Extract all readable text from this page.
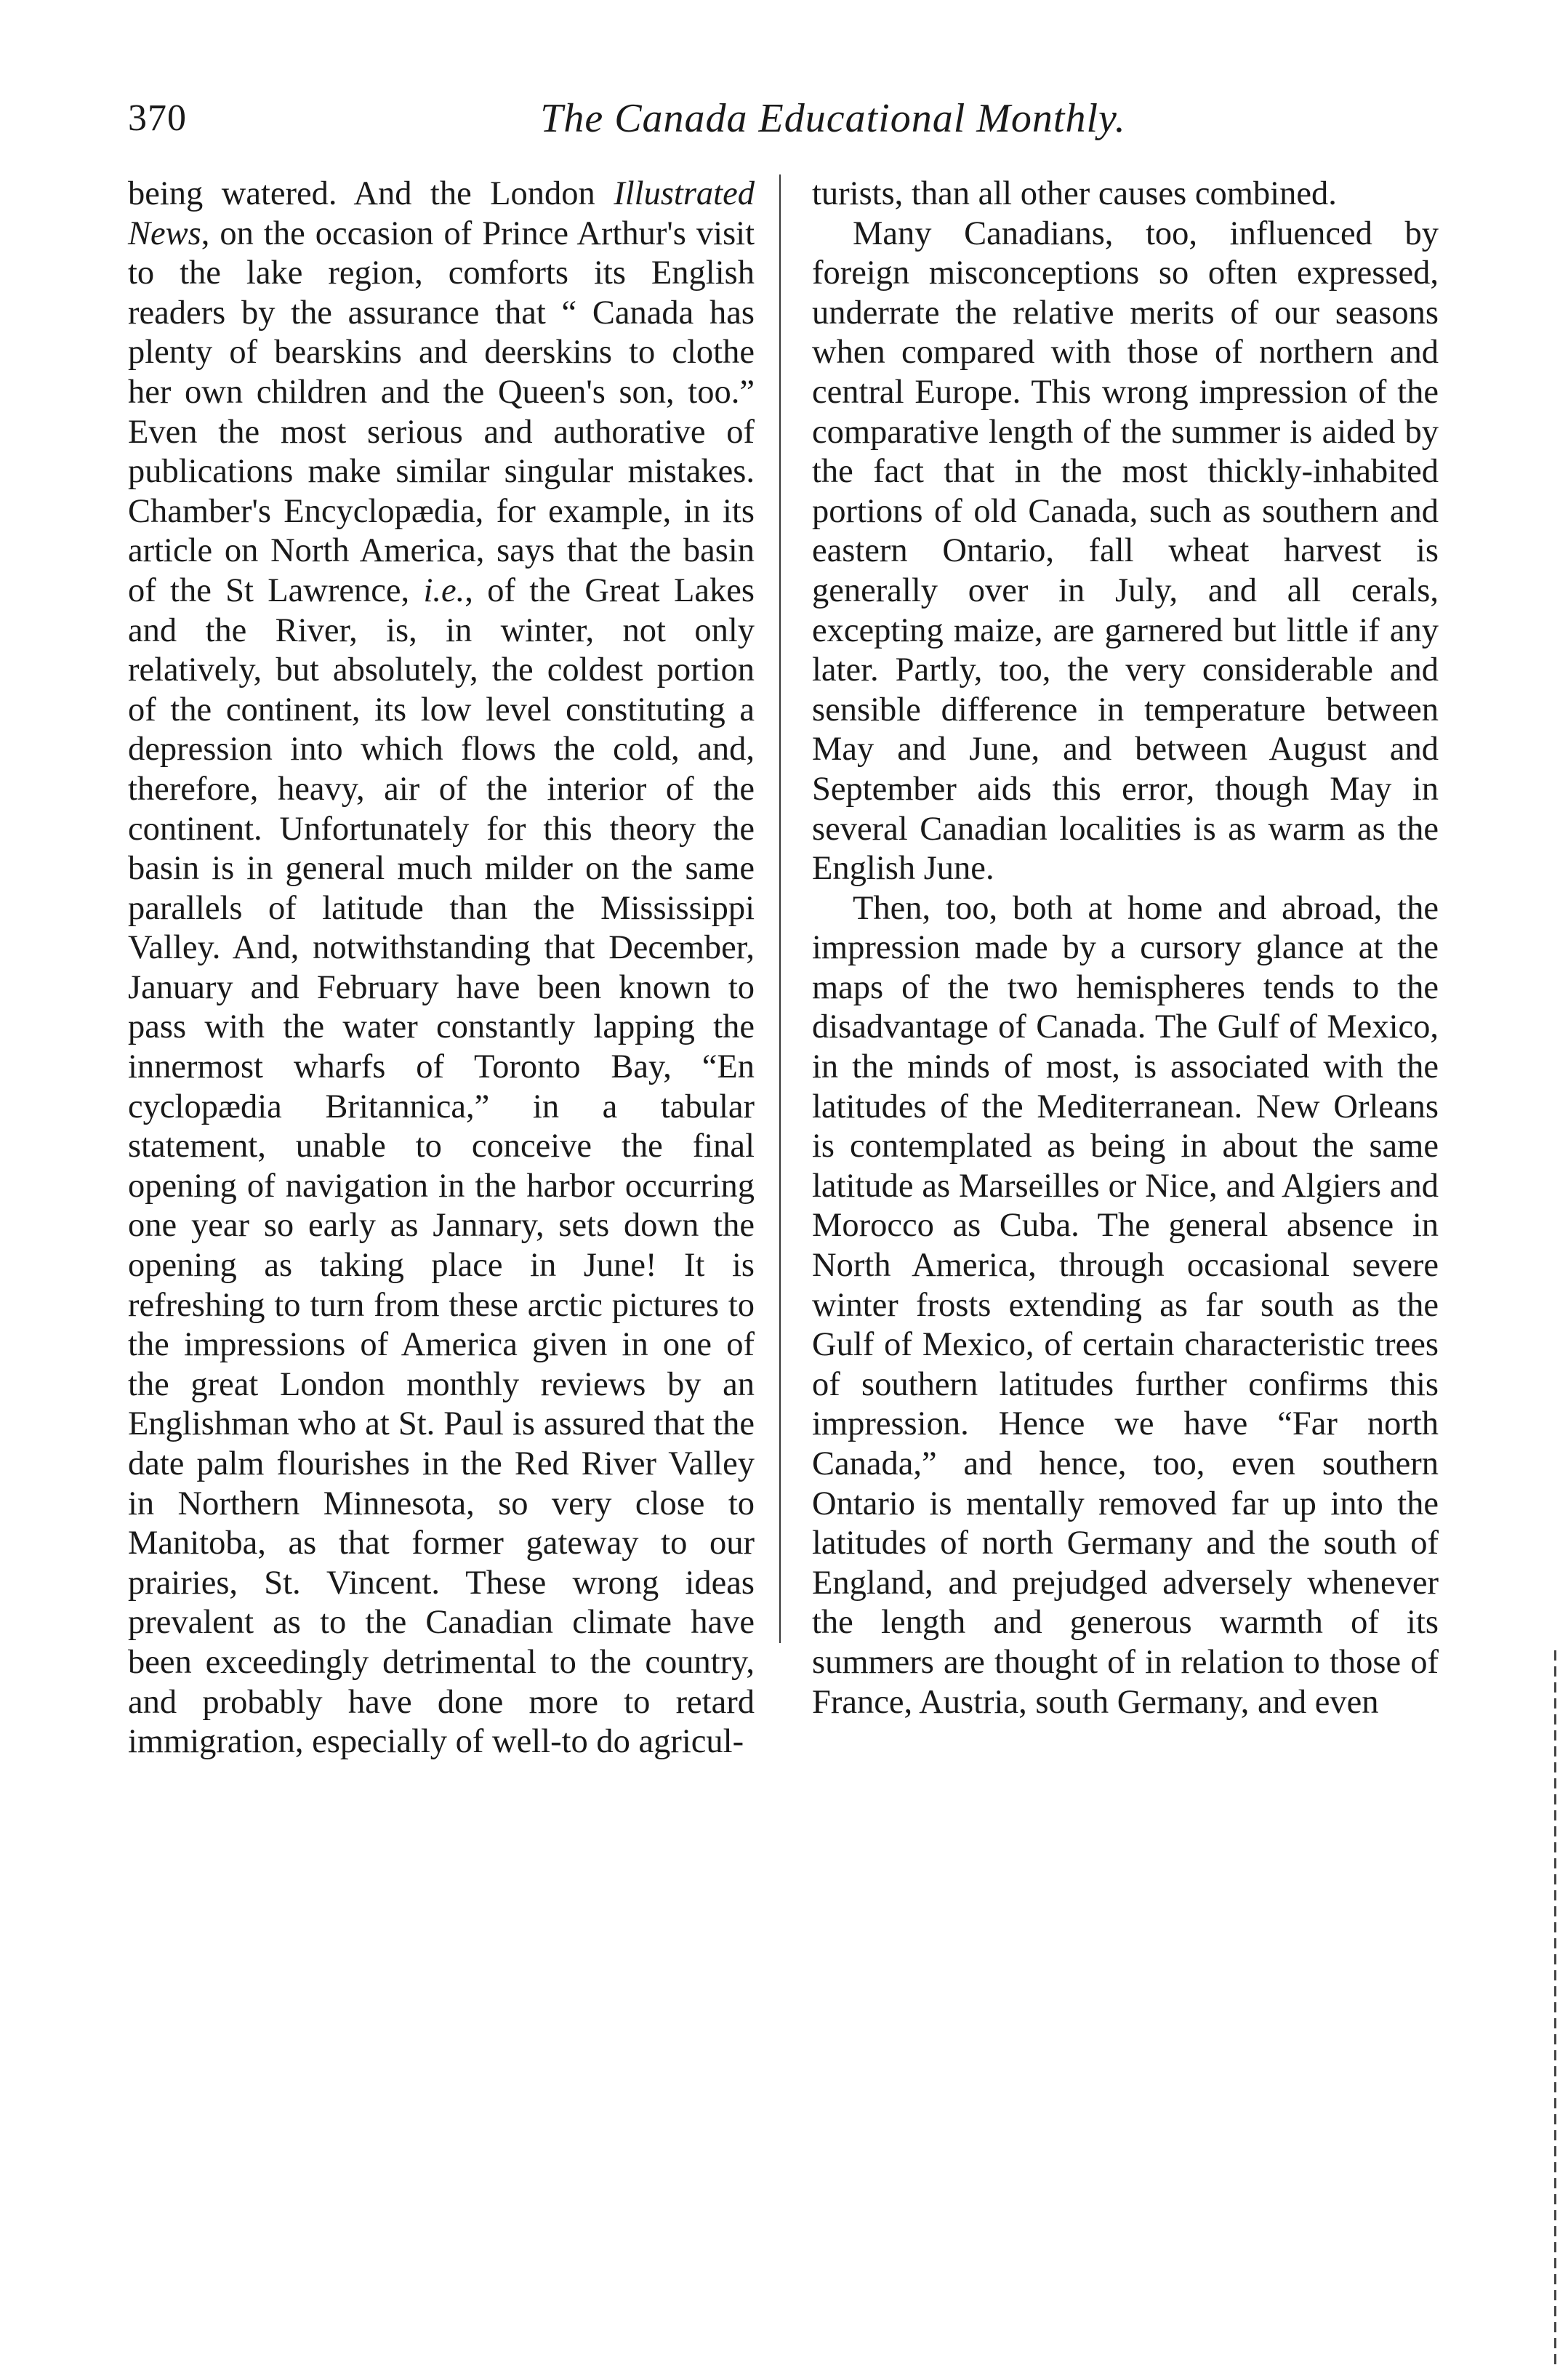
370	The Canada Educational Monthly.

being watered. And the London Illustrated News, on the occasion of Prince Arthur's visit to the lake region, comforts its English readers by the assurance that “ Canada has plenty of bearskins and deerskins to clothe her own children and the Queen's son, too.” Even the most serious and authorative of publications make similar singular mistakes. Chamber's Encyclopædia, for example, in its article on North America, says that the basin of the St Lawrence, i.e., of the Great Lakes and the River, is, in winter, not only relatively, but absolutely, the coldest portion of the continent, its low level constituting a depression into which flows the cold, and, therefore, heavy, air of the interior of the continent. Unfortunately for this theory the basin is in general much milder on the same parallels of latitude than the Mississippi Valley. And, notwithstanding that December, January and February have been known to pass with the water constantly lapping the innermost wharfs of Toronto Bay, “En cyclopædia Britannica,” in a tabular statement, unable to conceive the final opening of navigation in the harbor occurring one year so early as Jannary, sets down the opening as taking place in June! It is refreshing to turn from these arctic pictures to the impressions of America given in one of the great London monthly reviews by an Englishman who at St. Paul is assured that the date palm flourishes in the Red River Valley in Northern Minnesota, so very close to Manitoba, as that former gateway to our prairies, St. Vincent. These wrong ideas prevalent as to the Canadian climate have been exceedingly detrimental to the country, and probably have done more to retard immigration, especially of well-to do agricul-

turists, than all other causes combined.

Many Canadians, too, influenced by foreign misconceptions so often expressed, underrate the relative merits of our seasons when compared with those of northern and central Europe. This wrong impression of the comparative length of the summer is aided by the fact that in the most thickly-inhabited portions of old Canada, such as southern and eastern Ontario, fall wheat harvest is generally over in July, and all cerals, excepting maize, are garnered but little if any later. Partly, too, the very considerable and sensible difference in temperature between May and June, and between August and September aids this error, though May in several Canadian localities is as warm as the English June.

Then, too, both at home and abroad, the impression made by a cursory glance at the maps of the two hemispheres tends to the disadvantage of Canada. The Gulf of Mexico, in the minds of most, is associated with the latitudes of the Mediterranean. New Orleans is contemplated as being in about the same latitude as Marseilles or Nice, and Algiers and Morocco as Cuba. The general absence in North America, through occasional severe winter frosts extending as far south as the Gulf of Mexico, of certain characteristic trees of southern latitudes further confirms this impression. Hence we have “Far north Canada,” and hence, too, even southern Ontario is mentally removed far up into the latitudes of north Germany and the south of England, and prejudged adversely whenever the length and generous warmth of its summers are thought of in relation to those of France, Austria, south Germany, and even
